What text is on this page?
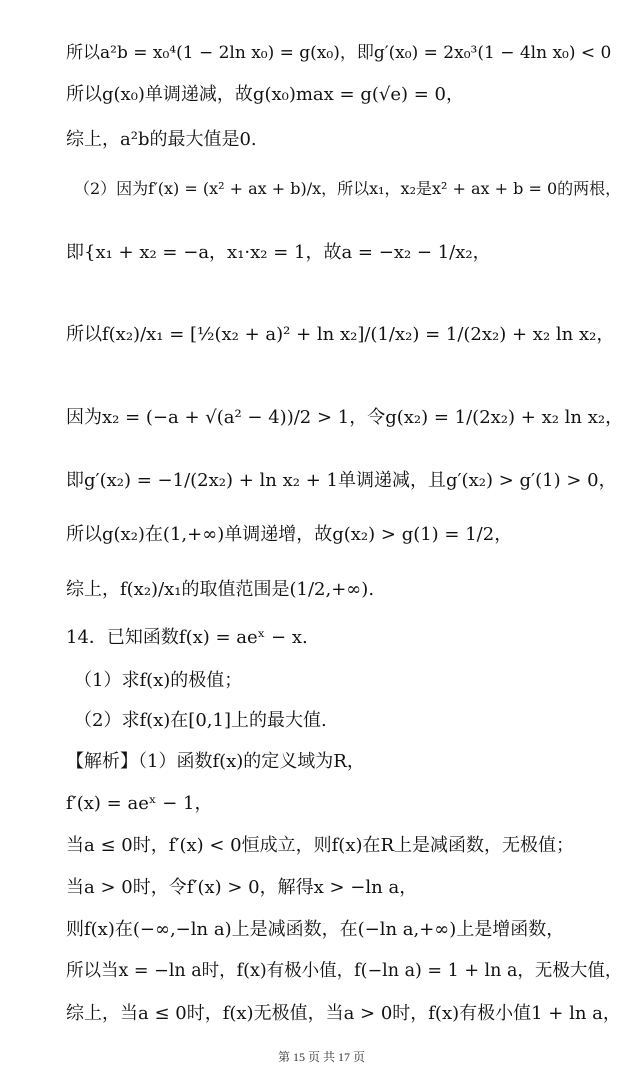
所以a²b = x₀⁴(1 − 2ln x₀) = g(x₀)，即g′(x₀) = 2x₀³(1 − 4ln x₀) < 0
所以g(x₀)单调递减，故g(x₀)max = g(√e) = 0，
综上，a²b的最大值是0.
（2）因为f′(x) = (x² + ax + b)/x，所以x₁，x₂是x² + ax + b = 0的两根，
即{x₁ + x₂ = −a，x₁·x₂ = 1，故a = −x₂ − 1/x₂，
所以f(x₂)/x₁ = [½(x₂ + a)² + ln x₂]/(1/x₂) = 1/(2x₂) + x₂ ln x₂，
因为x₂ = (−a + √(a² − 4))/2 > 1，令g(x₂) = 1/(2x₂) + x₂ ln x₂，
即g′(x₂) = −1/(2x₂) + ln x₂ + 1单调递减，且g′(x₂) > g′(1) > 0，
所以g(x₂)在(1,+∞)单调递增，故g(x₂) > g(1) = 1/2，
综上，f(x₂)/x₁的取值范围是(1/2,+∞).
14．已知函数f(x) = aeˣ − x.
（1）求f(x)的极值；
（2）求f(x)在[0,1]上的最大值.
【解析】（1）函数f(x)的定义域为R，
f′(x) = aeˣ − 1，
当a ≤ 0时，f′(x) < 0恒成立，则f(x)在R上是减函数，无极值；
当a > 0时，令f′(x) > 0，解得x > −ln a，
则f(x)在(−∞,−ln a)上是减函数，在(−ln a,+∞)上是增函数，
所以当x = −ln a时，f(x)有极小值，f(−ln a) = 1 + ln a，无极大值，
综上，当a ≤ 0时，f(x)无极值，当a > 0时，f(x)有极小值1 + ln a，
第 15 页 共 17 页
